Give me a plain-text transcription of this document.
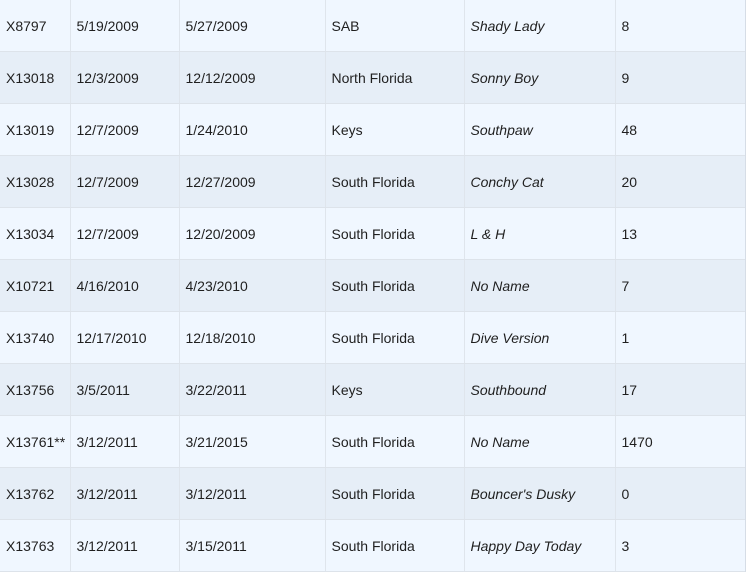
X8797	5/19/2009	5/27/2009	SAB	Shady Lady	8
X13018	12/3/2009	12/12/2009	North Florida	Sonny Boy	9
X13019	12/7/2009	1/24/2010	Keys	Southpaw	48
X13028	12/7/2009	12/27/2009	South Florida	Conchy Cat	20
X13034	12/7/2009	12/20/2009	South Florida	L & H	13
X10721	4/16/2010	4/23/2010	South Florida	No Name	7
X13740	12/17/2010	12/18/2010	South Florida	Dive Version	1
X13756	3/5/2011	3/22/2011	Keys	Southbound	17
X13761**	3/12/2011	3/21/2015	South Florida	No Name	1470
X13762	3/12/2011	3/12/2011	South Florida	Bouncer's Dusky	0
X13763	3/12/2011	3/15/2011	South Florida	Happy Day Today	3
